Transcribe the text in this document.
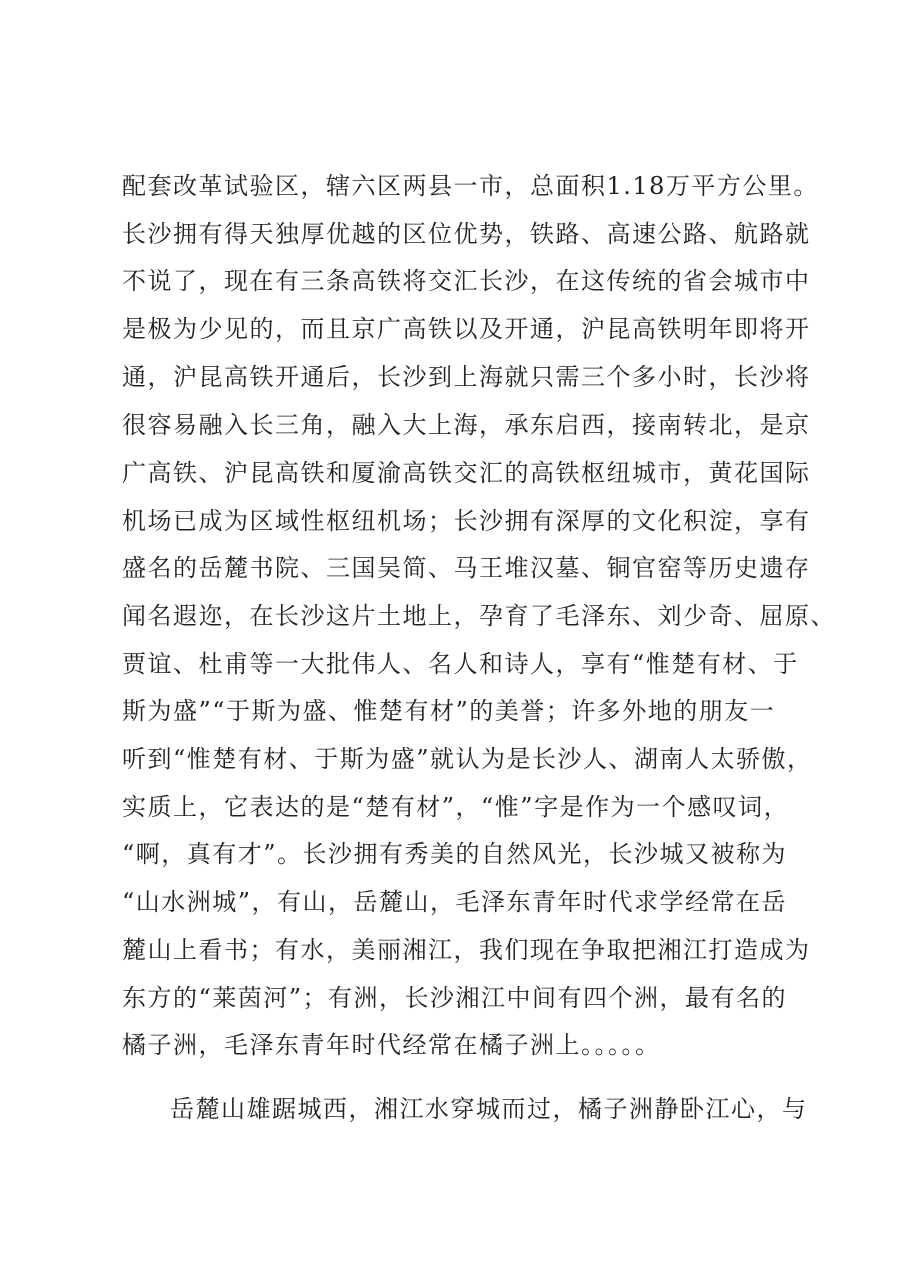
配套改革试验区，辖六区两县一市，总面积1.18万平方公里。
长沙拥有得天独厚优越的区位优势，铁路、高速公路、航路就
不说了，现在有三条高铁将交汇长沙，在这传统的省会城市中
是极为少见的，而且京广高铁以及开通，沪昆高铁明年即将开
通，沪昆高铁开通后，长沙到上海就只需三个多小时，长沙将
很容易融入长三角，融入大上海，承东启西，接南转北，是京
广高铁、沪昆高铁和厦渝高铁交汇的高铁枢纽城市，黄花国际
机场已成为区域性枢纽机场；长沙拥有深厚的文化积淀，享有
盛名的岳麓书院、三国吴简、马王堆汉墓、铜官窑等历史遗存
闻名遐迩，在长沙这片土地上，孕育了毛泽东、刘少奇、屈原、
贾谊、杜甫等一大批伟人、名人和诗人，享有“惟楚有材、于
斯为盛”“于斯为盛、惟楚有材”的美誉；许多外地的朋友一
听到“惟楚有材、于斯为盛”就认为是长沙人、湖南人太骄傲，
实质上，它表达的是“楚有材”，“惟”字是作为一个感叹词，
“啊，真有才”。长沙拥有秀美的自然风光，长沙城又被称为
“山水洲城”，有山，岳麓山，毛泽东青年时代求学经常在岳
麓山上看书；有水，美丽湘江，我们现在争取把湘江打造成为
东方的“莱茵河”；有洲，长沙湘江中间有四个洲，最有名的
橘子洲，毛泽东青年时代经常在橘子洲上。。。。。
岳麓山雄踞城西，湘江水穿城而过，橘子洲静卧江心，与
